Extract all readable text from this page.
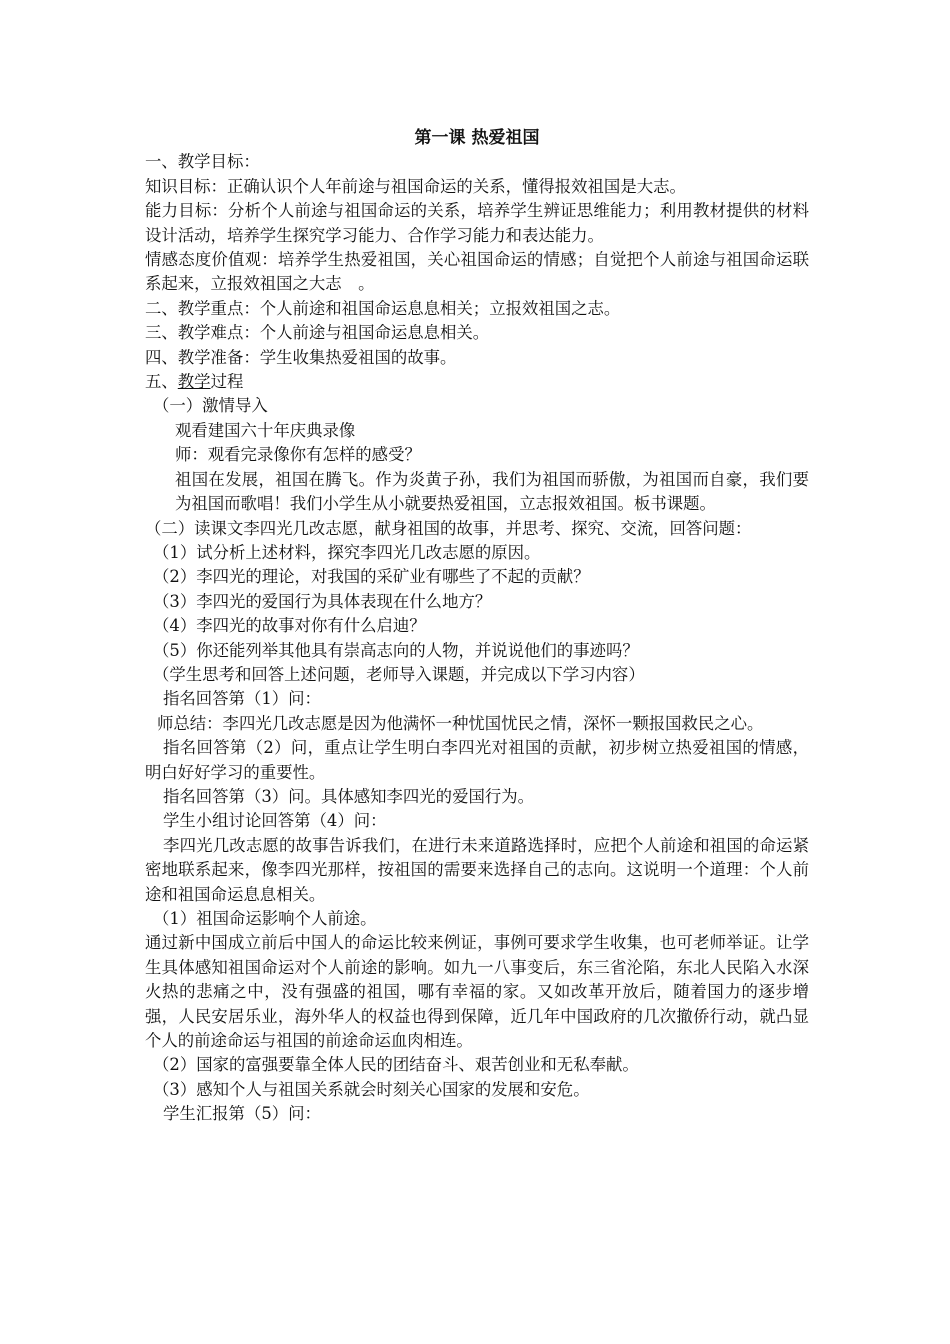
第一课 热爱祖国

一、教学目标：

知识目标：正确认识个人年前途与祖国命运的关系，懂得报效祖国是大志。

能力目标：分析个人前途与祖国命运的关系，培养学生辨证思维能力；利用教材提供的材料设计活动，培养学生探究学习能力、合作学习能力和表达能力。

情感态度价值观：培养学生热爱祖国，关心祖国命运的情感；自觉把个人前途与祖国命运联系起来，立报效祖国之大志　。

二、教学重点：个人前途和祖国命运息息相关；立报效祖国之志。

三、教学难点：个人前途与祖国命运息息相关。

四、教学准备：学生收集热爱祖国的故事。

五、教学过程

（一）激情导入

观看建国六十年庆典录像

师：观看完录像你有怎样的感受？

祖国在发展，祖国在腾飞。作为炎黄子孙，我们为祖国而骄傲，为祖国而自豪，我们要为祖国而歌唱！我们小学生从小就要热爱祖国，立志报效祖国。板书课题。

（二）读课文李四光几改志愿，献身祖国的故事，并思考、探究、交流，回答问题：

（1）试分析上述材料，探究李四光几改志愿的原因。

（2）李四光的理论，对我国的采矿业有哪些了不起的贡献？

（3）李四光的爱国行为具体表现在什么地方？

（4）李四光的故事对你有什么启迪？

（5）你还能列举其他具有崇高志向的人物，并说说他们的事迹吗？

（学生思考和回答上述问题，老师导入课题，并完成以下学习内容）

指名回答第（1）问：

师总结：李四光几改志愿是因为他满怀一种忧国忧民之情，深怀一颗报国救民之心。

指名回答第（2）问，重点让学生明白李四光对祖国的贡献，初步树立热爱祖国的情感，明白好好学习的重要性。

指名回答第（3）问。具体感知李四光的爱国行为。

学生小组讨论回答第（4）问：

李四光几改志愿的故事告诉我们，在进行未来道路选择时，应把个人前途和祖国的命运紧密地联系起来，像李四光那样，按祖国的需要来选择自己的志向。这说明一个道理：个人前途和祖国命运息息相关。

（1）祖国命运影响个人前途。

通过新中国成立前后中国人的命运比较来例证，事例可要求学生收集，也可老师举证。让学生具体感知祖国命运对个人前途的影响。如九一八事变后，东三省沦陷，东北人民陷入水深火热的悲痛之中，没有强盛的祖国，哪有幸福的家。又如改革开放后，随着国力的逐步增强，人民安居乐业，海外华人的权益也得到保障，近几年中国政府的几次撤侨行动，就凸显个人的前途命运与祖国的前途命运血肉相连。

（2）国家的富强要靠全体人民的团结奋斗、艰苦创业和无私奉献。

（3）感知个人与祖国关系就会时刻关心国家的发展和安危。

学生汇报第（5）问：
